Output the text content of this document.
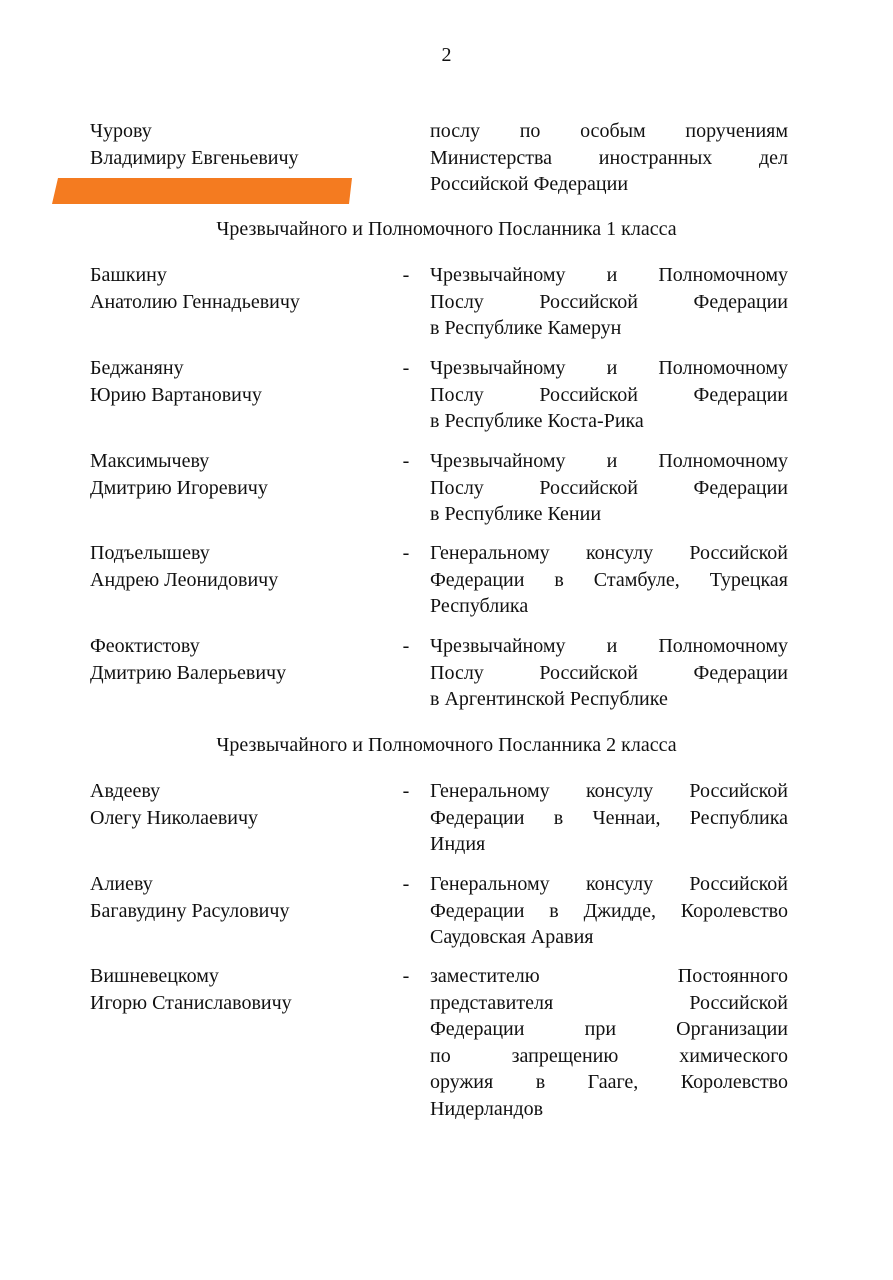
2
Чурову
Владимиру Евгеньевичу
послу по особым поручениям
Министерства иностранных дел
Российской Федерации
Чрезвычайного и Полномочного Посланника 1 класса
Башкину
Анатолию Геннадьевичу
- Чрезвычайному и Полномочному
Послу Российской Федерации
в Республике Камерун
Беджаняну
Юрию Вартановичу
- Чрезвычайному и Полномочному
Послу Российской Федерации
в Республике Коста-Рика
Максимычеву
Дмитрию Игоревичу
- Чрезвычайному и Полномочному
Послу Российской Федерации
в Республике Кении
Подъелышеву
Андрею Леонидовичу
- Генеральному консулу Российской
Федерации в Стамбуле, Турецкая
Республика
Феоктистову
Дмитрию Валерьевичу
- Чрезвычайному и Полномочному
Послу Российской Федерации
в Аргентинской Республике
Чрезвычайного и Полномочного Посланника 2 класса
Авдееву
Олегу Николаевичу
- Генеральному консулу Российской
Федерации в Ченнаи, Республика
Индия
Алиеву
Багавудину Расуловичу
- Генеральному консулу Российской
Федерации в Джидде, Королевство
Саудовская Аравия
Вишневецкому
Игорю Станиславовичу
- заместителю Постоянного
представителя Российской
Федерации при Организации
по запрещению химического
оружия в Гааге, Королевство
Нидерландов
